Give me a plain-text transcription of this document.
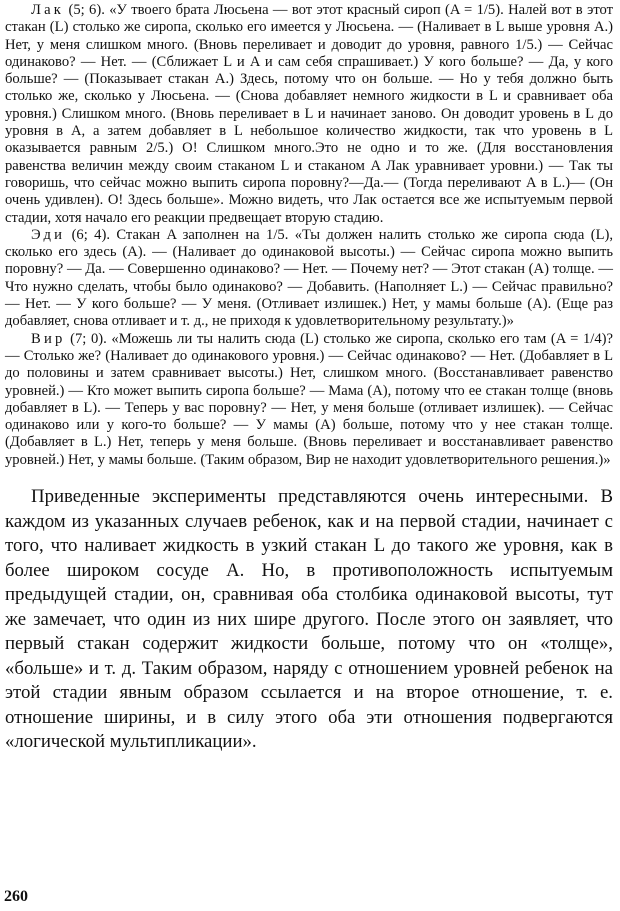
Лак (5; 6). «У твоего брата Люсьена — вот этот красный сироп (A = 1/5). Налей вот в этот стакан (L) столько же сиропа, сколько его имеется у Люсьена. — (Наливает в L выше уровня A.) Нет, у меня слишком много. (Вновь переливает и доводит до уровня, равного 1/5.) — Сейчас одинаково? — Нет. — (Сближает L и A и сам себя спрашивает.) У кого больше? — Да, у кого больше? — (Показывает стакан A.) Здесь, потому что он больше. — Но у тебя должно быть столько же, сколько у Люсьена. — (Снова добавляет немного жидкости в L и сравнивает оба уровня.) Слишком много. (Вновь переливает в L и начинает заново. Он доводит уровень в L до уровня в A, а затем добавляет в L небольшое количество жидкости, так что уровень в L оказывается равным 2/5.) О! Слишком много.Это не одно и то же. (Для восстановления равенства величин между своим стаканом L и стаканом A Лак уравнивает уровни.) — Так ты говоришь, что сейчас можно выпить сиропа поровну?—Да.— (Тогда переливают A в L.)— (Он очень удивлен). О! Здесь больше». Можно видеть, что Лак остается все же испытуемым первой стадии, хотя начало его реакции предвещает вторую стадию.

Эди (6; 4). Стакан A заполнен на 1/5. «Ты должен налить столько же сиропа сюда (L), сколько его здесь (A). — (Наливает до одинаковой высоты.) — Сейчас сиропа можно выпить поровну? — Да. — Совершенно одинаково? — Нет. — Почему нет? — Этот стакан (A) толще. — Что нужно сделать, чтобы было одинаково? — Добавить. (Наполняет L.) — Сейчас правильно? — Нет. — У кого больше? — У меня. (Отливает излишек.) Нет, у мамы больше (A). (Еще раз добавляет, снова отливает и т. д., не приходя к удовлетворительному результату.)»

Вир (7; 0). «Можешь ли ты налить сюда (L) столько же сиропа, сколько его там (A = 1/4)? — Столько же? (Наливает до одинакового уровня.) — Сейчас одинаково? — Нет. (Добавляет в L до половины и затем сравнивает высоты.) Нет, слишком много. (Восстанавливает равенство уровней.) — Кто может выпить сиропа больше? — Мама (A), потому что ее стакан толще (вновь добавляет в L). — Теперь у вас поровну? — Нет, у меня больше (отливает излишек). — Сейчас одинаково или у кого-то больше? — У мамы (A) больше, потому что у нее стакан толще. (Добавляет в L.) Нет, теперь у меня больше. (Вновь переливает и восстанавливает равенство уровней.) Нет, у мамы больше. (Таким образом, Вир не находит удовлетворительного решения.)»

Приведенные эксперименты представляются очень интересными. В каждом из указанных случаев ребенок, как и на первой стадии, начинает с того, что наливает жидкость в узкий стакан L до такого же уровня, как в более широком сосуде A. Но, в противоположность испытуемым предыдущей стадии, он, сравнивая оба столбика одинаковой высоты, тут же замечает, что один из них шире другого. После этого он заявляет, что первый стакан содержит жидкости больше, потому что он «толще», «больше» и т. д. Таким образом, наряду с отношением уровней ребенок на этой стадии явным образом ссылается и на второе отношение, т. е. отношение ширины, и в силу этого оба эти отношения подвергаются «логической мультипликации».

260
